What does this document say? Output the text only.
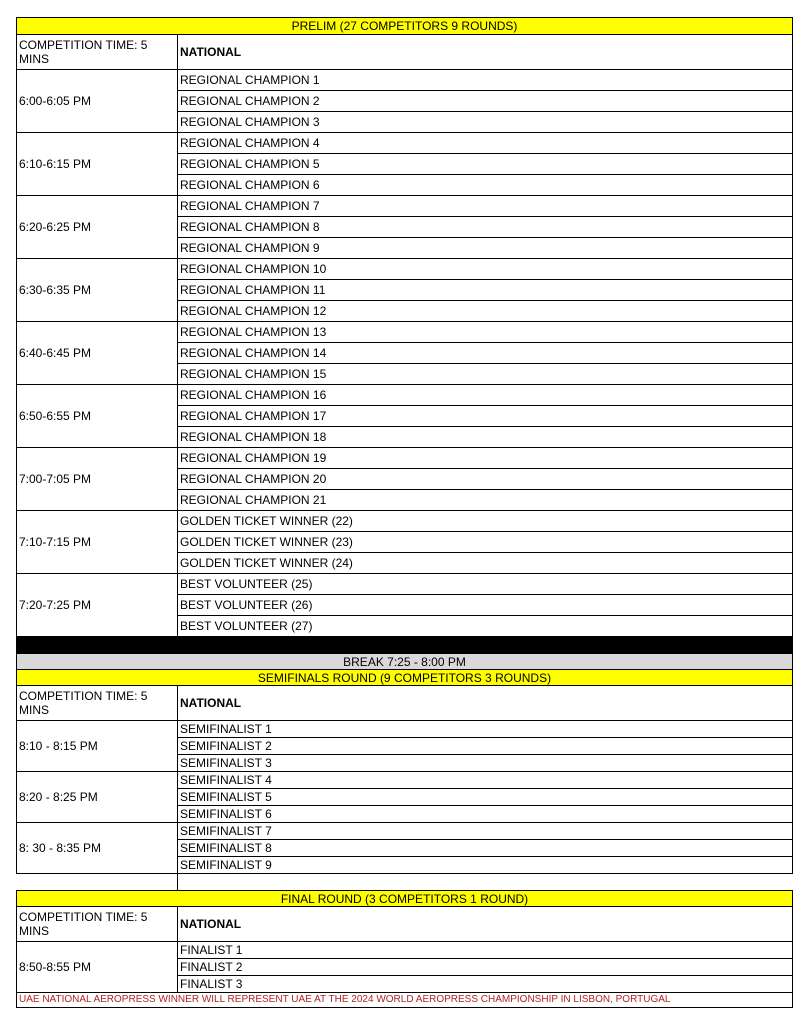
PRELIM (27 COMPETITORS 9 ROUNDS)	
COMPETITION TIME: 5 MINS	NATIONAL
6:00-6:05 PM	REGIONAL CHAMPION 1
	REGIONAL CHAMPION 2
	REGIONAL CHAMPION 3
6:10-6:15 PM	REGIONAL CHAMPION 4
	REGIONAL CHAMPION 5
	REGIONAL CHAMPION 6
6:20-6:25 PM	REGIONAL CHAMPION 7
	REGIONAL CHAMPION 8
	REGIONAL CHAMPION 9
6:30-6:35 PM	REGIONAL CHAMPION 10
	REGIONAL CHAMPION 11
	REGIONAL CHAMPION 12
6:40-6:45 PM	REGIONAL CHAMPION 13
	REGIONAL CHAMPION 14
	REGIONAL CHAMPION 15
6:50-6:55 PM	REGIONAL CHAMPION 16
	REGIONAL CHAMPION 17
	REGIONAL CHAMPION 18
7:00-7:05 PM	REGIONAL CHAMPION 19
	REGIONAL CHAMPION 20
	REGIONAL CHAMPION 21
7:10-7:15 PM	GOLDEN TICKET WINNER (22)
	GOLDEN TICKET WINNER (23)
	GOLDEN TICKET WINNER (24)
7:20-7:25 PM	BEST VOLUNTEER (25)
	BEST VOLUNTEER (26)
	BEST VOLUNTEER (27)

BREAK 7:25 - 8:00 PM	
SEMIFINALS ROUND (9 COMPETITORS 3 ROUNDS)	
COMPETITION TIME: 5 MINS	NATIONAL
8:10 - 8:15 PM	SEMIFINALIST 1
	SEMIFINALIST 2
	SEMIFINALIST 3
8:20 - 8:25 PM	SEMIFINALIST 4
	SEMIFINALIST 5
	SEMIFINALIST 6
8: 30 - 8:35 PM	SEMIFINALIST 7
	SEMIFINALIST 8
	SEMIFINALIST 9

FINAL ROUND (3 COMPETITORS 1 ROUND)	
COMPETITION TIME: 5 MINS	NATIONAL
8:50-8:55 PM	FINALIST 1
	FINALIST 2
	FINALIST 3
UAE NATIONAL AEROPRESS WINNER WILL REPRESENT UAE AT THE 2024 WORLD AEROPRESS CHAMPIONSHIP IN LISBON, PORTUGAL	
